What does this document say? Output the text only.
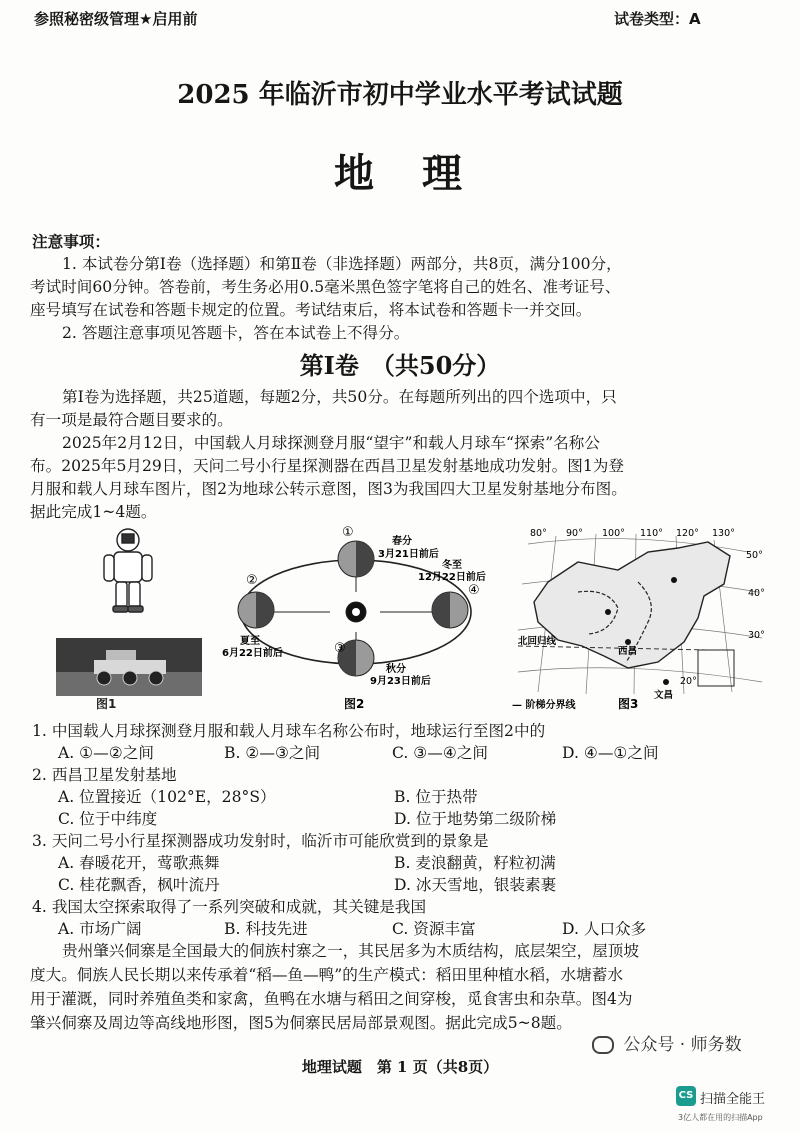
参照秘密级管理★启用前	试卷类型：A
2025 年临沂市初中学业水平考试试题
地　理
注意事项：
1. 本试卷分第Ⅰ卷（选择题）和第Ⅱ卷（非选择题）两部分，共8页，满分100分，
考试时间60分钟。答卷前，考生务必用0.5毫米黑色签字笔将自己的姓名、准考证号、
座号填写在试卷和答题卡规定的位置。考试结束后，将本试卷和答题卡一并交回。
2. 答题注意事项见答题卡，答在本试卷上不得分。
第Ⅰ卷　（共50分）
第Ⅰ卷为选择题，共25道题，每题2分，共50分。在每题所列出的四个选项中，只
有一项是最符合题目要求的。
2025年2月12日，中国载人月球探测登月服“望宇”和载人月球车“探索”名称公
布。2025年5月29日，天问二号小行星探测器在西昌卫星发射基地成功发射。图1为登
月服和载人月球车图片，图2为地球公转示意图，图3为我国四大卫星发射基地分布图。
据此完成1~4题。
图1
①
②
③
④
春分
3月21日前后
冬至
12月22日前后
夏至
6月22日前后
秋分
9月23日前后
图2
80° 90° 100° 110° 120° 130°
50°
40°
30°
20°
北回归线
西昌
文昌
— 阶梯分界线	图3
1. 中国载人月球探测登月服和载人月球车名称公布时，地球运行至图2中的
A. ①—②之间	B. ②—③之间	C. ③—④之间	D. ④—①之间
2. 西昌卫星发射基地
A. 位置接近（102°E，28°S）	B. 位于热带
C. 位于中纬度	D. 位于地势第二级阶梯
3. 天问二号小行星探测器成功发射时，临沂市可能欣赏到的景象是
A. 春暖花开，莺歌燕舞	B. 麦浪翻黄，籽粒初满
C. 桂花飘香，枫叶流丹	D. 冰天雪地，银装素裹
4. 我国太空探索取得了一系列突破和成就，其关键是我国
A. 市场广阔	B. 科技先进	C. 资源丰富	D. 人口众多
贵州肇兴侗寨是全国最大的侗族村寨之一，其民居多为木质结构，底层架空，屋顶坡
度大。侗族人民长期以来传承着“稻—鱼—鸭”的生产模式：稻田里种植水稻，水塘蓄水
用于灌溉，同时养殖鱼类和家禽，鱼鸭在水塘与稻田之间穿梭，觅食害虫和杂草。图4为
肇兴侗寨及周边等高线地形图，图5为侗寨民居局部景观图。据此完成5~8题。
公众号 · 师务数
地理试题　第 1 页（共8页）
CS 扫描全能王
3亿人都在用的扫描App
